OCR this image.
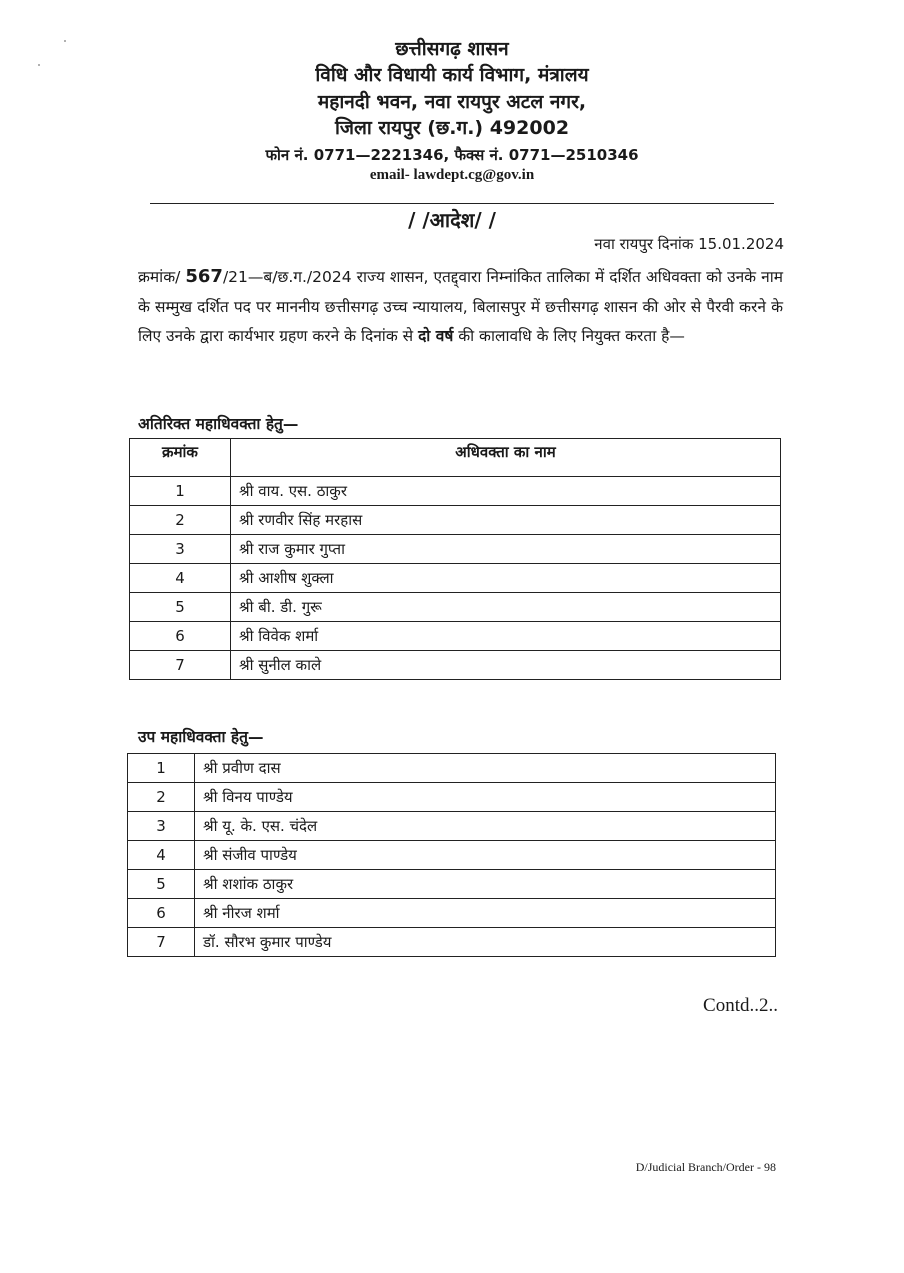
छत्तीसगढ़ शासन
विधि और विधायी कार्य विभाग, मंत्रालय
महानदी भवन, नवा रायपुर अटल नगर,
जिला रायपुर (छ.ग.) 492002
फोन नं. 0771—2221346, फैक्स नं. 0771—2510346
email- lawdept.cg@gov.in
/ /आदेश/ /
नवा रायपुर दिनांक 15.01.2024
क्रमांक/ 567/21—ब/छ.ग./2024 राज्य शासन, एतद्द्वारा निम्नांकित तालिका में दर्शित अधिवक्ता को उनके नाम के सम्मुख दर्शित पद पर माननीय छत्तीसगढ़ उच्च न्यायालय, बिलासपुर में छत्तीसगढ़ शासन की ओर से पैरवी करने के लिए उनके द्वारा कार्यभार ग्रहण करने के दिनांक से दो वर्ष की कालावधि के लिए नियुक्त करता है—
अतिरिक्त महाधिवक्ता हेतु—
क्रमांक	अधिवक्ता का नाम
1	श्री वाय. एस. ठाकुर
2	श्री रणवीर सिंह मरहास
3	श्री राज कुमार गुप्ता
4	श्री आशीष शुक्ला
5	श्री बी. डी. गुरू
6	श्री विवेक शर्मा
7	श्री सुनील काले
उप महाधिवक्ता हेतु—
1	श्री प्रवीण दास
2	श्री विनय पाण्डेय
3	श्री यू. के. एस. चंदेल
4	श्री संजीव पाण्डेय
5	श्री शशांक ठाकुर
6	श्री नीरज शर्मा
7	डॉ. सौरभ कुमार पाण्डेय
Contd..2..
D/Judicial Branch/Order - 98
